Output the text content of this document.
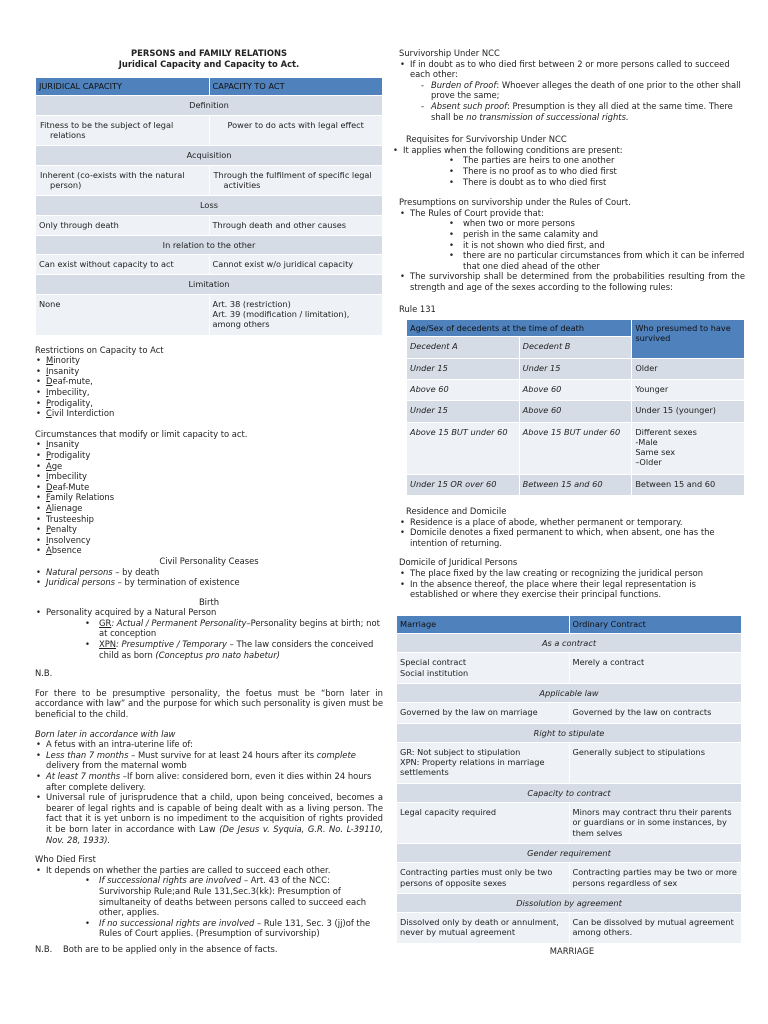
PERSONS and FAMILY RELATIONS

Juridical Capacity and Capacity to Act.

JURIDICAL CAPACITY	CAPACITY TO ACT
Definition	
Fitness to be the subject of legal relations	Power to do acts with legal effect
Acquisition	
Inherent (co-exists with the natural person)	Through the fulfilment of specific legal activities
Loss	
Only through death	Through death and other causes
In relation to the other	
Can exist without capacity to act	Cannot exist w/o juridical capacity
Limitation	
None	Art. 38 (restriction)
Art. 39 (modification / limitation), among others

Restrictions on Capacity to Act

• Minority
• Insanity
• Deaf-mute,
• Imbecility,
• Prodigality,
• Civil Interdiction

Circumstances that modify or limit capacity to act.

• Insanity
• Prodigality
• Age
• Imbecility
• Deaf-Mute
• Family Relations
• Alienage
• Trusteeship
• Penalty
• Insolvency
• Absence

Civil Personality Ceases

• Natural persons – by death
• Juridical persons – by termination of existence

Birth

• Personality acquired by a Natural Person
• GR: Actual / Permanent Personality–Personality begins at birth; not at conception
• XPN: Presumptive / Temporary – The law considers the conceived child as born (Conceptus pro nato habetur)

N.B.

For there to be presumptive personality, the foetus must be “born later in accordance with law” and the purpose for which such personality is given must be beneficial to the child.

Born later in accordance with law

• A fetus with an intra-uterine life of:
• Less than 7 months – Must survive for at least 24 hours after its complete delivery from the maternal womb
• At least 7 months –If born alive: considered born, even it dies within 24 hours after complete delivery.
• Universal rule of jurisprudence that a child, upon being conceived, becomes a bearer of legal rights and is capable of being dealt with as a living person. The fact that it is yet unborn is no impediment to the acquisition of rights provided it be born later in accordance with Law (De Jesus v. Syquia, G.R. No. L-39110, Nov. 28, 1933).

Who Died First

• It depends on whether the parties are called to succeed each other.
• If successional rights are involved – Art. 43 of the NCC: Survivorship Rule;and Rule 131,Sec.3(kk): Presumption of simultaneity of deaths between persons called to succeed each other, applies.
• If no successional rights are involved – Rule 131, Sec. 3 (jj)of the Rules of Court applies. (Presumption of survivorship)

N.B. Both are to be applied only in the absence of facts.

Survivorship Under NCC

• If in doubt as to who died first between 2 or more persons called to succeed each other:
- Burden of Proof: Whoever alleges the death of one prior to the other shall prove the same;
- Absent such proof: Presumption is they all died at the same time. There shall be no transmission of successional rights.

Requisites for Survivorship Under NCC

• It applies when the following conditions are present:
• The parties are heirs to one another
• There is no proof as to who died first
• There is doubt as to who died first

Presumptions on survivorship under the Rules of Court.

• The Rules of Court provide that:
• when two or more persons
• perish in the same calamity and
• it is not shown who died first, and
• there are no particular circumstances from which it can be inferred that one died ahead of the other
• The survivorship shall be determined from the probabilities resulting from the strength and age of the sexes according to the following rules:

Rule 131

Age/Sex of decedents at the time of death		Who presumed to have survived
Decedent A	Decedent B	
Under 15	Under 15	Older
Above 60	Above 60	Younger
Under 15	Above 60	Under 15 (younger)
Above 15 BUT under 60	Above 15 BUT under 60	Different sexes
-Male
Same sex
–Older
Under 15 OR over 60	Between 15 and 60	Between 15 and 60

Residence and Domicile

• Residence is a place of abode, whether permanent or temporary.
• Domicile denotes a fixed permanent to which, when absent, one has the intention of returning.

Domicile of Juridical Persons

• The place fixed by the law creating or recognizing the juridical person
• In the absence thereof, the place where their legal representation is established or where they exercise their principal functions.
Marriage	Ordinary Contract
As a contract	
Special contract
Social institution	Merely a contract
Applicable law	
Governed by the law on marriage	Governed by the law on contracts
Right to stipulate	
GR: Not subject to stipulation
XPN: Property relations in marriage settlements	Generally subject to stipulations
Capacity to contract	
Legal capacity required	Minors may contract thru their parents or guardians or in some instances, by them selves
Gender requirement	
Contracting parties must only be two persons of opposite sexes	Contracting parties may be two or more persons regardless of sex
Dissolution by agreement	
Dissolved only by death or annulment, never by mutual agreement	Can be dissolved by mutual agreement among others.

MARRIAGE
